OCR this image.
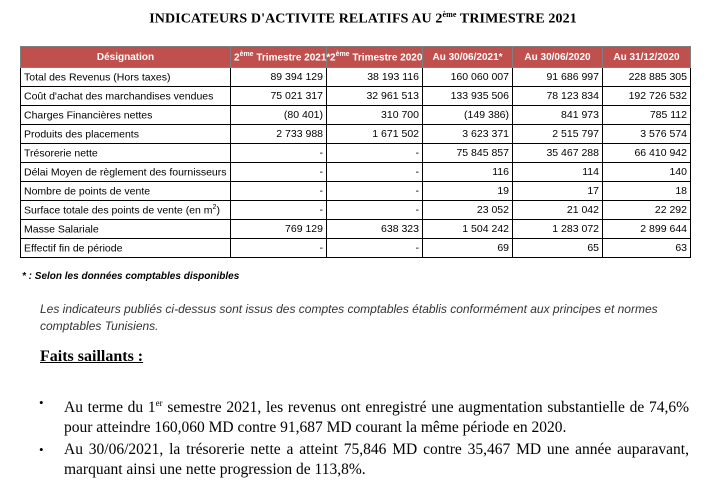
INDICATEURS D'ACTIVITE RELATIFS AU 2ème TRIMESTRE 2021
Désignation	2ème Trimestre 2021*	2ème Trimestre 2020	Au 30/06/2021*	Au 30/06/2020	Au 31/12/2020
Total des Revenus (Hors taxes)	89 394 129	38 193 116	160 060 007	91 686 997	228 885 305
Coût d'achat des marchandises vendues	75 021 317	32 961 513	133 935 506	78 123 834	192 726 532
Charges Financières nettes	(80 401)	310 700	(149 386)	841 973	785 112
Produits des placements	2 733 988	1 671 502	3 623 371	2 515 797	3 576 574
Trésorerie nette	-	-	75 845 857	35 467 288	66 410 942
Délai Moyen de règlement des fournisseurs	-	-	116	114	140
Nombre de points de vente	-	-	19	17	18
Surface totale des points de vente (en $m^2$)	-	-	23 052	21 042	22 292
Masse Salariale	769 129	638 323	1 504 242	1 283 072	2 899 644
Effectif fin de période	-	-	69	65	63
* : Selon les données comptables disponibles
Les indicateurs publiés ci-dessus sont issus des comptes comptables établis conformément aux principes et normes comptables Tunisiens.
Faits saillants :
• Au terme du 1er semestre 2021, les revenus ont enregistré une augmentation substantielle de 74,6% pour atteindre 160,060 MD contre 91,687 MD courant la même période en 2020.
• Au 30/06/2021, la trésorerie nette a atteint 75,846 MD contre 35,467 MD une année auparavant, marquant ainsi une nette progression de 113,8%.
